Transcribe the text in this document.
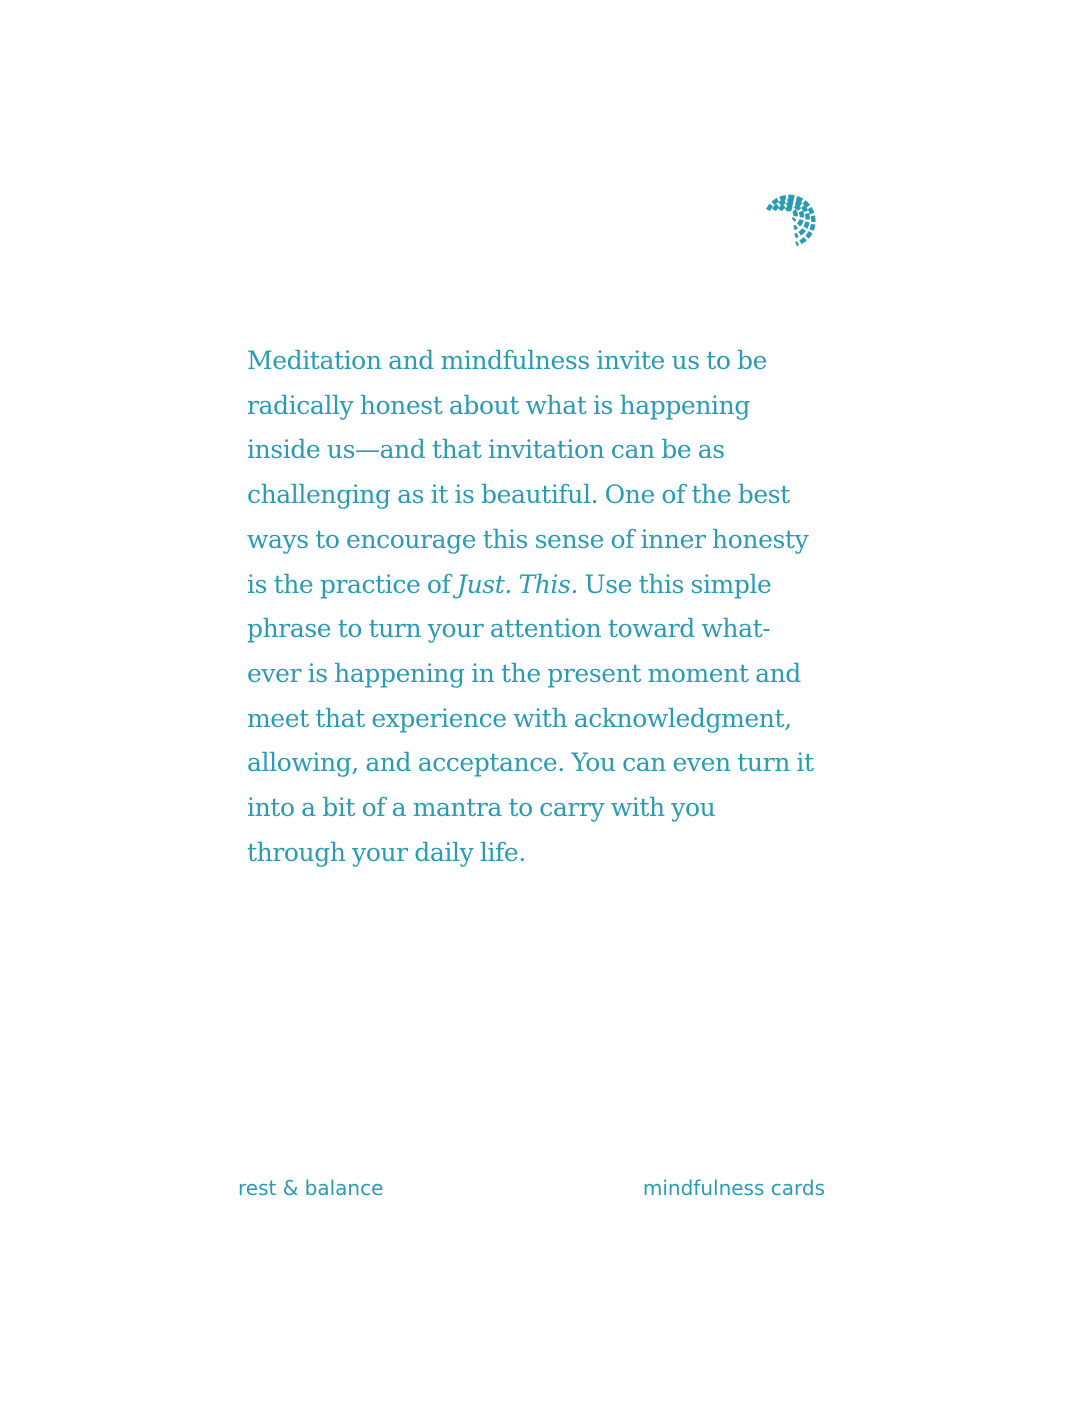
Meditation and mindfulness invite us to be
radically honest about what is happening
inside us—and that invitation can be as
challenging as it is beautiful. One of the best
ways to encourage this sense of inner honesty
is the practice of Just. This. Use this simple
phrase to turn your attention toward what-
ever is happening in the present moment and
meet that experience with acknowledgment,
allowing, and acceptance. You can even turn it
into a bit of a mantra to carry with you
through your daily life.

rest & balance	mindfulness cards
